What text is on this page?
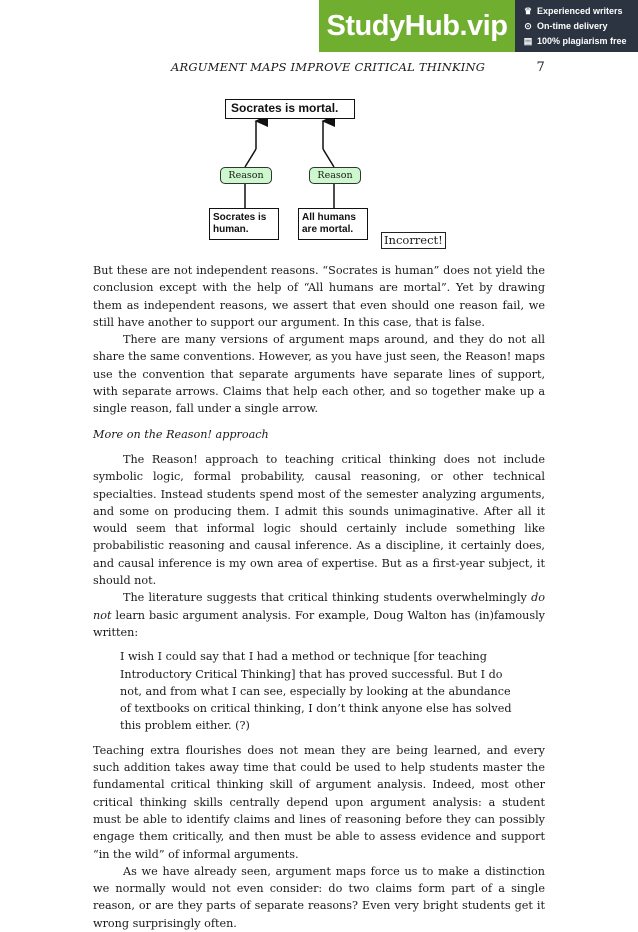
StudyHub.vip	♛ Experienced writers
⊙ On-time delivery
▤ 100% plagiarism free
ARGUMENT MAPS IMPROVE CRITICAL THINKING	7
Socrates is mortal.
Reason	Reason
Socrates is
human.
All humans
are mortal.
Incorrect!

But these are not independent reasons. “Socrates is human” does not yield the conclusion except with the help of “All humans are mortal”. Yet by drawing them as independent reasons, we assert that even should one reason fail, we still have another to support our argument. In this case, that is false.

There are many versions of argument maps around, and they do not all share the same conventions. However, as you have just seen, the Reason! maps use the convention that separate arguments have separate lines of support, with separate arrows. Claims that help each other, and so together make up a single reason, fall under a single arrow.

More on the Reason! approach

The Reason! approach to teaching critical thinking does not include symbolic logic, formal probability, causal reasoning, or other technical specialties. Instead students spend most of the semester analyzing arguments, and some on producing them. I admit this sounds unimaginative. After all it would seem that informal logic should certainly include something like probabilistic reasoning and causal inference. As a discipline, it certainly does, and causal inference is my own area of expertise. But as a first-year subject, it should not.

The literature suggests that critical thinking students overwhelmingly do not learn basic argument analysis. For example, Doug Walton has (in)famously written:

I wish I could say that I had a method or technique [for teaching Introductory Critical Thinking] that has proved successful. But I do not, and from what I can see, especially by looking at the abundance of textbooks on critical thinking, I don’t think anyone else has solved this problem either. (?)

Teaching extra flourishes does not mean they are being learned, and every such addition takes away time that could be used to help students master the fundamental critical thinking skill of argument analysis. Indeed, most other critical thinking skills centrally depend upon argument analysis: a student must be able to identify claims and lines of reasoning before they can possibly engage them critically, and then must be able to assess evidence and support “in the wild” of informal arguments.

As we have already seen, argument maps force us to make a distinction we normally would not even consider: do two claims form part of a single reason, or are they parts of separate reasons? Even very bright students get it wrong surprisingly often.
